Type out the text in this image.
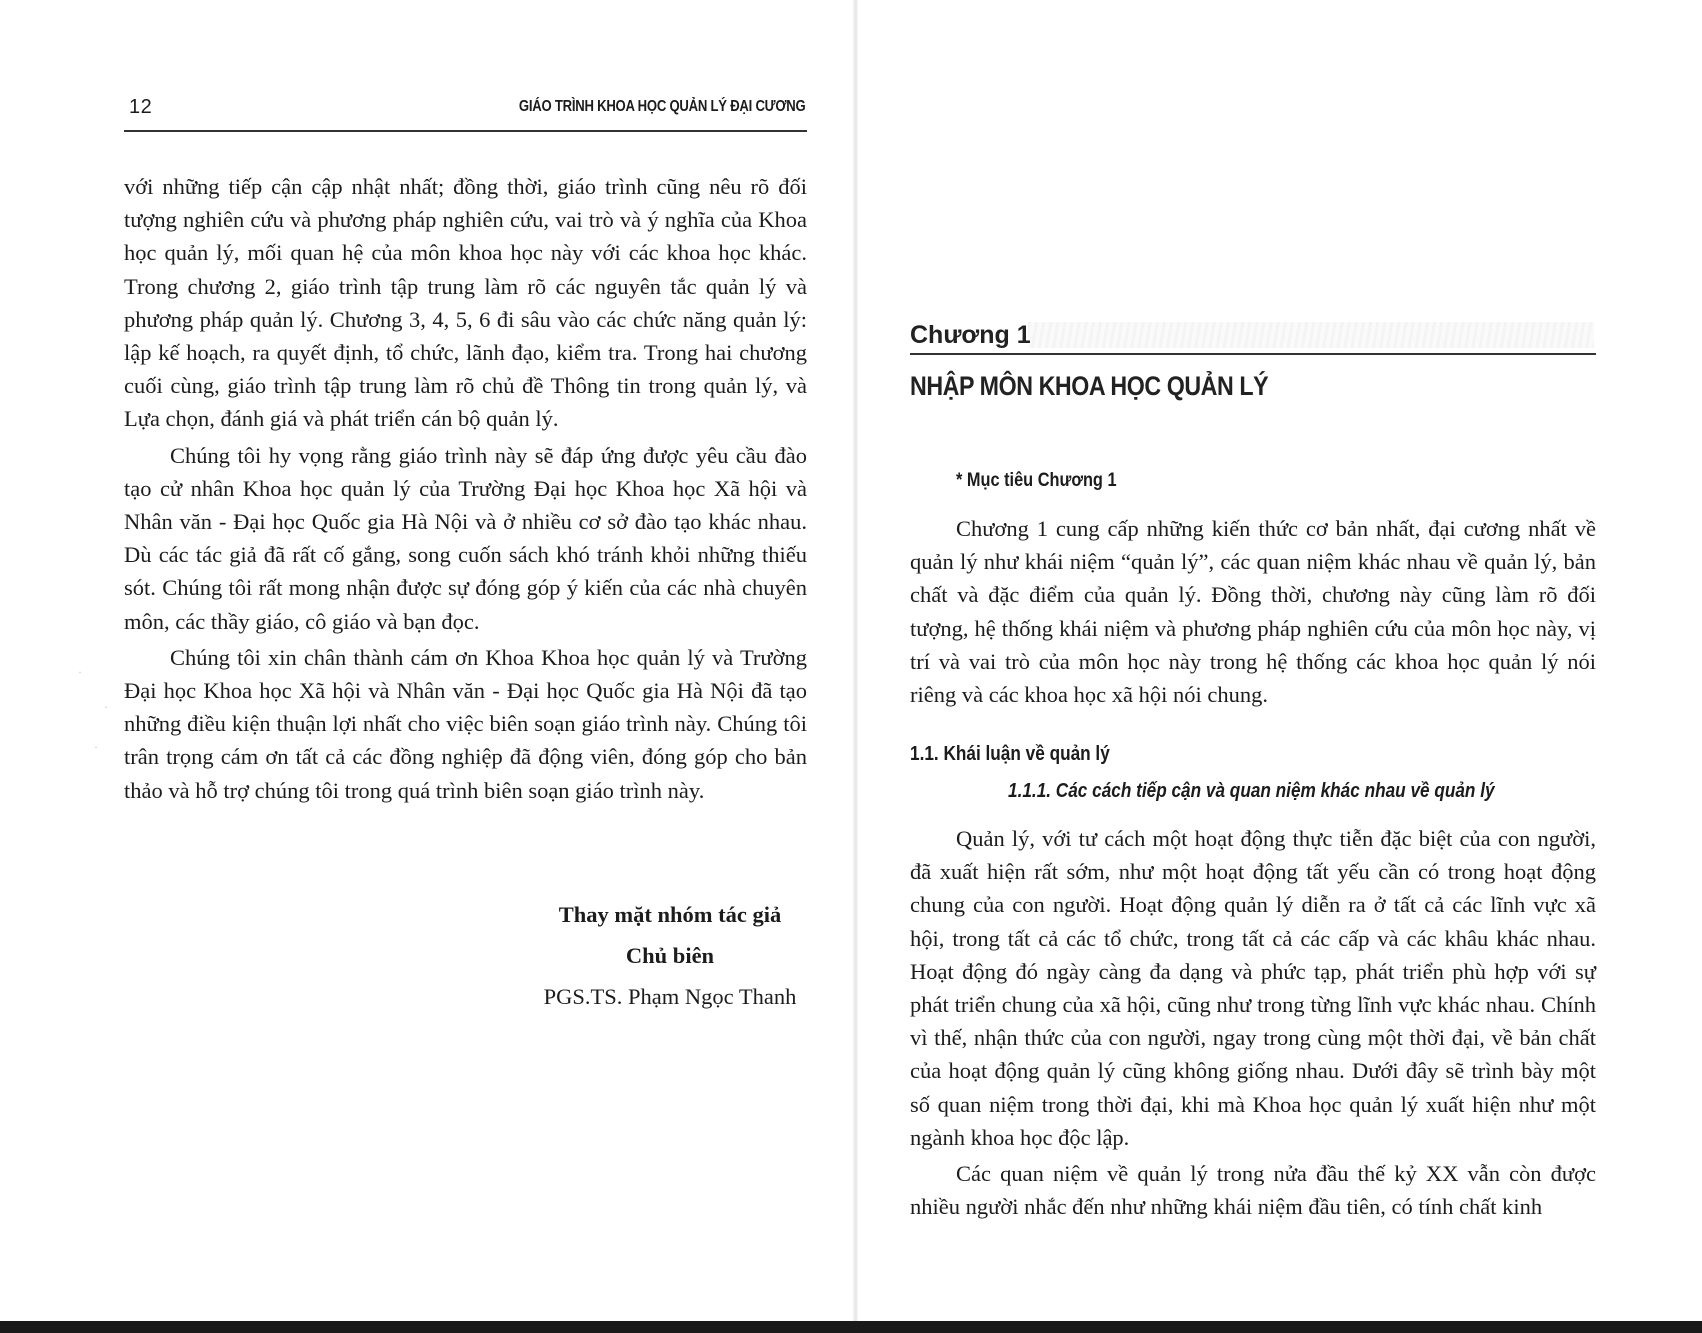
12	GIÁO TRÌNH KHOA HỌC QUẢN LÝ ĐẠI CƯƠNG

với những tiếp cận cập nhật nhất; đồng thời, giáo trình cũng nêu rõ đối tượng nghiên cứu và phương pháp nghiên cứu, vai trò và ý nghĩa của Khoa học quản lý, mối quan hệ của môn khoa học này với các khoa học khác. Trong chương 2, giáo trình tập trung làm rõ các nguyên tắc quản lý và phương pháp quản lý. Chương 3, 4, 5, 6 đi sâu vào các chức năng quản lý: lập kế hoạch, ra quyết định, tổ chức, lãnh đạo, kiểm tra. Trong hai chương cuối cùng, giáo trình tập trung làm rõ chủ đề Thông tin trong quản lý, và Lựa chọn, đánh giá và phát triển cán bộ quản lý.

Chúng tôi hy vọng rằng giáo trình này sẽ đáp ứng được yêu cầu đào tạo cử nhân Khoa học quản lý của Trường Đại học Khoa học Xã hội và Nhân văn - Đại học Quốc gia Hà Nội và ở nhiều cơ sở đào tạo khác nhau. Dù các tác giả đã rất cố gắng, song cuốn sách khó tránh khỏi những thiếu sót. Chúng tôi rất mong nhận được sự đóng góp ý kiến của các nhà chuyên môn, các thầy giáo, cô giáo và bạn đọc.

Chúng tôi xin chân thành cám ơn Khoa Khoa học quản lý và Trường Đại học Khoa học Xã hội và Nhân văn - Đại học Quốc gia Hà Nội đã tạo những điều kiện thuận lợi nhất cho việc biên soạn giáo trình này. Chúng tôi trân trọng cám ơn tất cả các đồng nghiệp đã động viên, đóng góp cho bản thảo và hỗ trợ chúng tôi trong quá trình biên soạn giáo trình này.

Thay mặt nhóm tác giả
Chủ biên
PGS.TS. Phạm Ngọc Thanh
·
·
·
Chương 1
NHẬP MÔN KHOA HỌC QUẢN LÝ
* Mục tiêu Chương 1

Chương 1 cung cấp những kiến thức cơ bản nhất, đại cương nhất về quản lý như khái niệm “quản lý”, các quan niệm khác nhau về quản lý, bản chất và đặc điểm của quản lý. Đồng thời, chương này cũng làm rõ đối tượng, hệ thống khái niệm và phương pháp nghiên cứu của môn học này, vị trí và vai trò của môn học này trong hệ thống các khoa học quản lý nói riêng và các khoa học xã hội nói chung.

1.1. Khái luận về quản lý
1.1.1. Các cách tiếp cận và quan niệm khác nhau về quản lý

Quản lý, với tư cách một hoạt động thực tiễn đặc biệt của con người, đã xuất hiện rất sớm, như một hoạt động tất yếu cần có trong hoạt động chung của con người. Hoạt động quản lý diễn ra ở tất cả các lĩnh vực xã hội, trong tất cả các tổ chức, trong tất cả các cấp và các khâu khác nhau. Hoạt động đó ngày càng đa dạng và phức tạp, phát triển phù hợp với sự phát triển chung của xã hội, cũng như trong từng lĩnh vực khác nhau. Chính vì thế, nhận thức của con người, ngay trong cùng một thời đại, về bản chất của hoạt động quản lý cũng không giống nhau. Dưới đây sẽ trình bày một số quan niệm trong thời đại, khi mà Khoa học quản lý xuất hiện như một ngành khoa học độc lập.

Các quan niệm về quản lý trong nửa đầu thế kỷ XX vẫn còn được nhiều người nhắc đến như những khái niệm đầu tiên, có tính chất kinh
